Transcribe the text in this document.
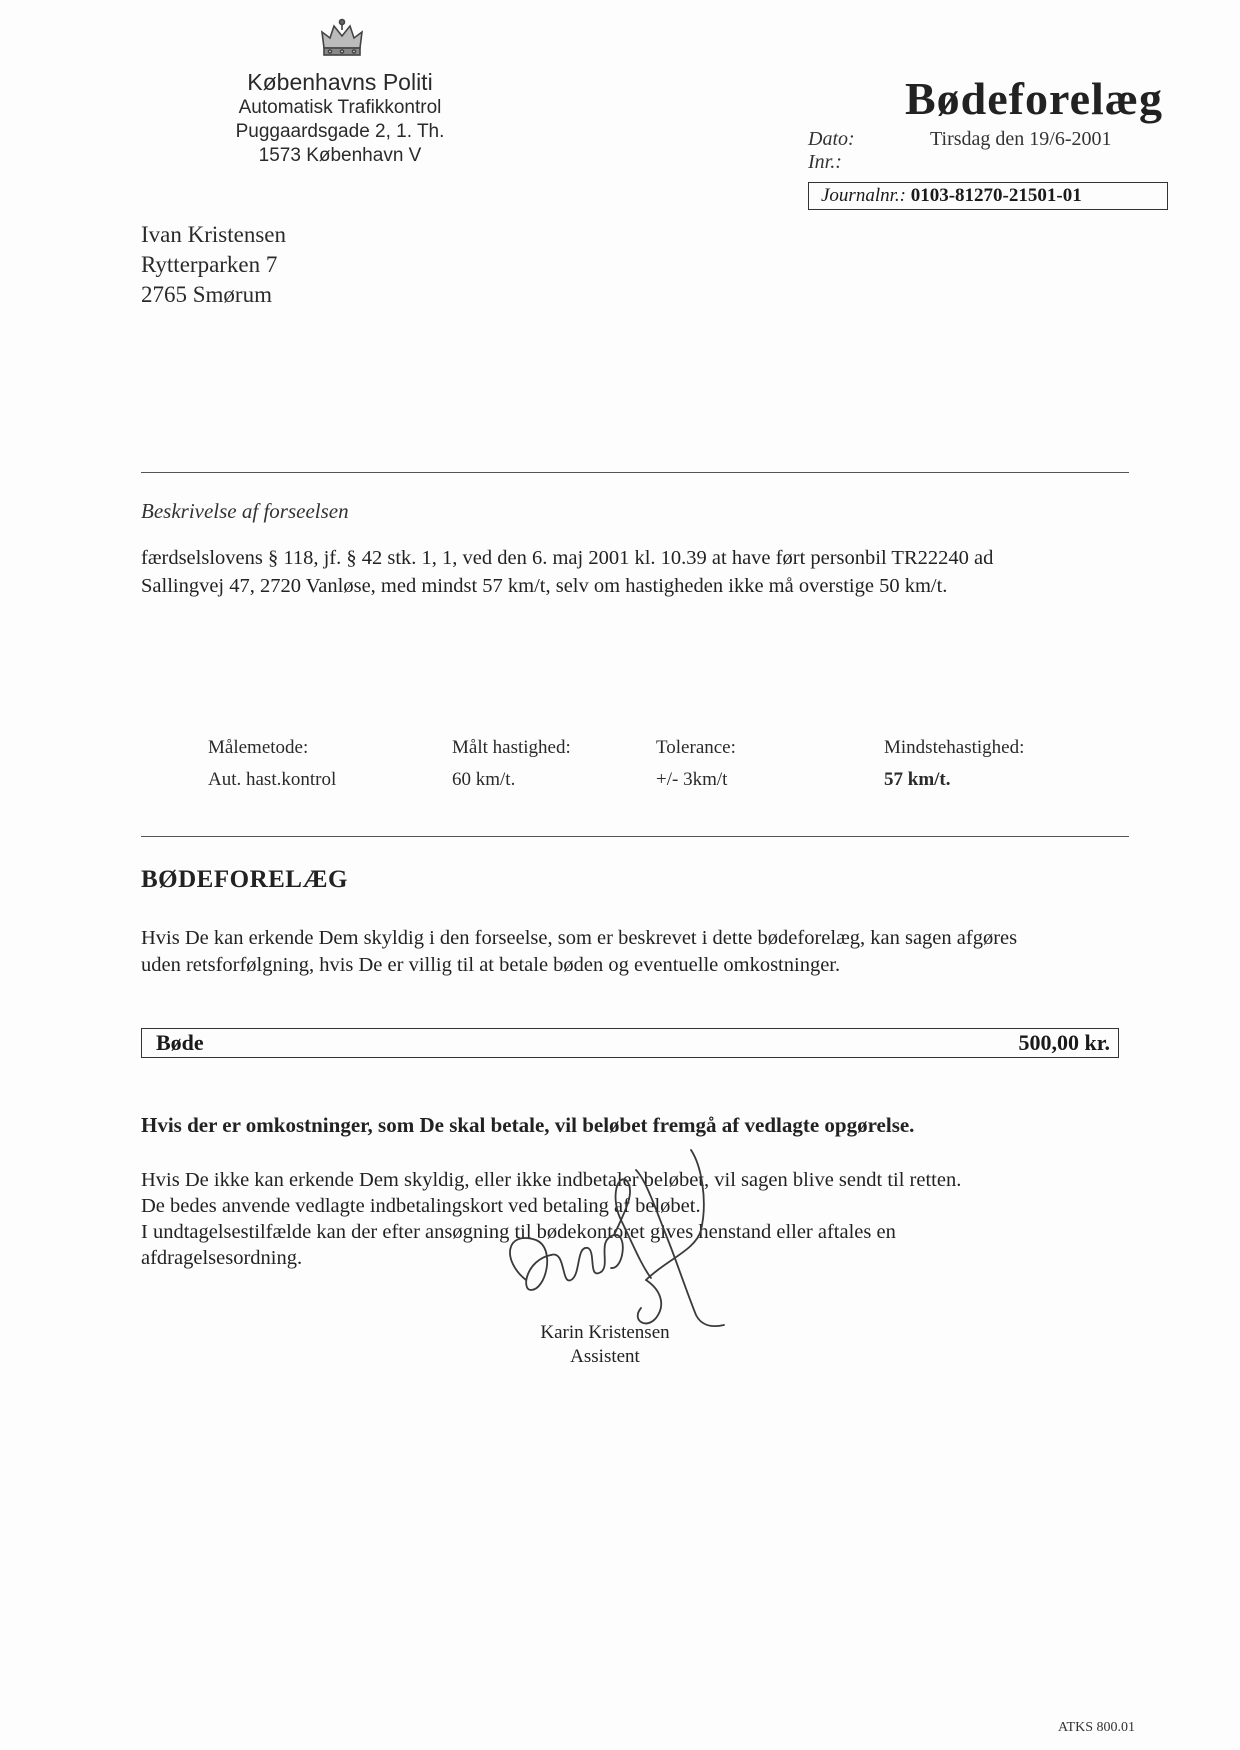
Københavns Politi
Automatisk Trafikkontrol
Puggaardsgade 2, 1. Th.
1573 København V
Bødeforelæg
Dato:	Tirsdag den 19/6-2001
Inr.:
Journalnr.: 0103-81270-21501-01
Ivan Kristensen
Rytterparken 7
2765 Smørum
Beskrivelse af forseelsen
færdselslovens § 118, jf. § 42 stk. 1, 1, ved den 6. maj 2001 kl. 10.39 at have ført personbil TR22240 ad
Sallingvej 47, 2720 Vanløse, med mindst 57 km/t, selv om hastigheden ikke må overstige 50 km/t.
Målemetode:
Aut. hast.kontrol
Målt hastighed:
60 km/t.
Tolerance:
+/- 3km/t
Mindstehastighed:
57 km/t.
BØDEFORELÆG
Hvis De kan erkende Dem skyldig i den forseelse, som er beskrevet i dette bødeforelæg, kan sagen afgøres
uden retsforfølgning, hvis De er villig til at betale bøden og eventuelle omkostninger.
Bøde	500,00 kr.
Hvis der er omkostninger, som De skal betale, vil beløbet fremgå af vedlagte opgørelse.
Hvis De ikke kan erkende Dem skyldig, eller ikke indbetaler beløbet, vil sagen blive sendt til retten.
De bedes anvende vedlagte indbetalingskort ved betaling af beløbet.
I undtagelsestilfælde kan der efter ansøgning til bødekontoret gives henstand eller aftales en
afdragelsesordning.
Karin Kristensen
Assistent
ATKS 800.01
